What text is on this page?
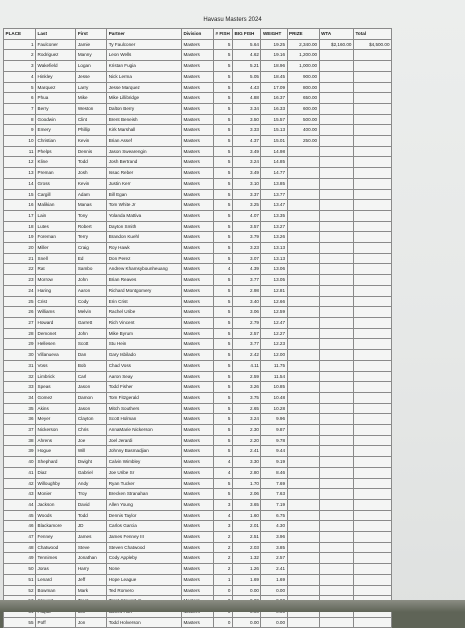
Havasu Masters 2024
PLACE	Last	First	Partner	Division	# FISH	BIG FISH	WEIGHT	PRIZE	WTA	Total
1	Faulconer	Jamie	Ty Faulconer	Masters	5	5.64	19.25	2,340.00	$2,160.00	$4,500.00
2	Rodriguez	Manny	Leon Wells	Masters	5	4.62	19.16	1,200.00		
3	Wakefield	Logan	Kristan Fugia	Masters	5	5.21	18.96	1,000.00		
4	Hinkley	Jesse	Nick Lerma	Masters	5	5.05	18.45	900.00		
5	Marquez	Larry	Jesse Marquez	Masters	5	4.43	17.09	800.00		
6	Phua	Mike	Mike Lillibridge	Masters	5	4.88	16.37	650.00		
7	Berry	Weston	Dalton Berry	Masters	5	3.34	16.33	600.00		
8	Goodwin	Clint	Brent Beneish	Masters	5	3.50	15.57	500.00		
9	Emery	Phillip	Kirk Marshall	Masters	5	3.33	15.13	400.00		
10	Christian	Kevin	Brian Assef	Masters	5	4.37	15.01	250.00		
11	Phelps	Dennis	Jason Swearengin	Masters	5	3.49	14.98			
12	Kline	Todd	Josh Bertrand	Masters	5	3.24	14.85			
13	Preman	Josh	Issac Reber	Masters	5	3.49	14.77			
14	Gross	Kevin	Justin Kerr	Masters	5	3.10	13.85			
15	Cargill	Adam	Bill Egan	Masters	5	3.37	13.77			
16	Malikian	Manas	Tom White Jr	Masters	5	3.25	13.47			
17	Lain	Tony	Yolanda Mattiva	Masters	5	4.07	13.35			
18	Lutes	Robert	Dayton Smith	Masters	5	3.57	13.27			
19	Foreman	Terry	Brandon Kuehl	Masters	5	3.79	13.26			
20	Miller	Craig	Roy Hawk	Masters	5	3.23	13.13			
21	Snell	Ed	Don Perez	Masters	5	3.07	13.13			
22	Rat	Sambo	Andrew Khamsybounheuang	Masters	4	4.39	13.06			
23	Morrow	John	Brian Reaves	Masters	5	3.77	13.05			
24	Haring	Aaron	Richard Montgomery	Masters	5	2.98	12.81			
25	Crist	Cody	Erin Crist	Masters	5	3.40	12.66			
26	Williams	Melvin	Rachel Uribe	Masters	5	3.06	12.59			
27	Howard	Garrett	Rich Vincent	Masters	5	2.79	12.47			
28	Demonet	John	Mike Byrum	Masters	5	2.57	12.27			
29	Hellesen	Scott	Stu Hein	Masters	5	3.77	12.23			
30	Villanueva	Dan	Gary Isbilado	Masters	5	2.42	12.00			
31	Voss	Bob	Chad Voss	Masters	5	4.11	11.75			
32	Limbrick	Carl	Aaron Seay	Masters	5	2.59	11.54			
33	Speas	Jason	Todd Fisher	Masters	5	3.26	10.85			
34	Gomez	Damon	Tom Fitzgerald	Masters	5	3.75	10.48			
35	Akins	Jason	Mitch Southers	Masters	5	2.65	10.28			
36	Meyer	Clayton	Scott Holman	Masters	5	3.24	9.96			
37	Nickerson	Chris	AnnaMarie Nickerson	Masters	5	2.30	9.87			
38	Ahrens	Joe	Joel Jerardi	Masters	5	2.20	9.78			
39	Hogue	Will	Johnny Basmadjian	Masters	5	2.41	9.44			
40	Shephard	Dwight	Calvin Wimbley	Masters	4	3.30	9.19			
41	Diaz	Gabriel	Joe Uribe Sr	Masters	4	2.80	8.46			
42	Willoughby	Andy	Ryan Tucker	Masters	5	1.70	7.69			
43	Monier	Troy	Brecken Stranahan	Masters	5	2.06	7.63			
44	Jackson	David	Allen Young	Masters	3	3.65	7.19			
45	Woods	Todd	Dennis Taylor	Masters	4	1.60	6.75			
46	Blackamore	JD	Carlos Garcia	Masters	3	2.01	4.30			
47	Fenney	James	James Fenney III	Masters	2	2.51	3.96			
48	Chatwood	Steve	Steven Chatwood	Masters	2	2.03	3.85			
49	Tennimes	Jonathan	Cody Appleby	Masters	2	1.32	2.57			
50	Joras	Harry	None	Masters	2	1.26	2.41			
51	Lenard	Jeff	Hope League	Masters	1	1.69	1.69			
52	Bowman	Mark	Ted Romero	Masters	0	0.00	0.00			

55	Poff	Jon	Todd Holverson	Masters	0	0.00	0.00			
